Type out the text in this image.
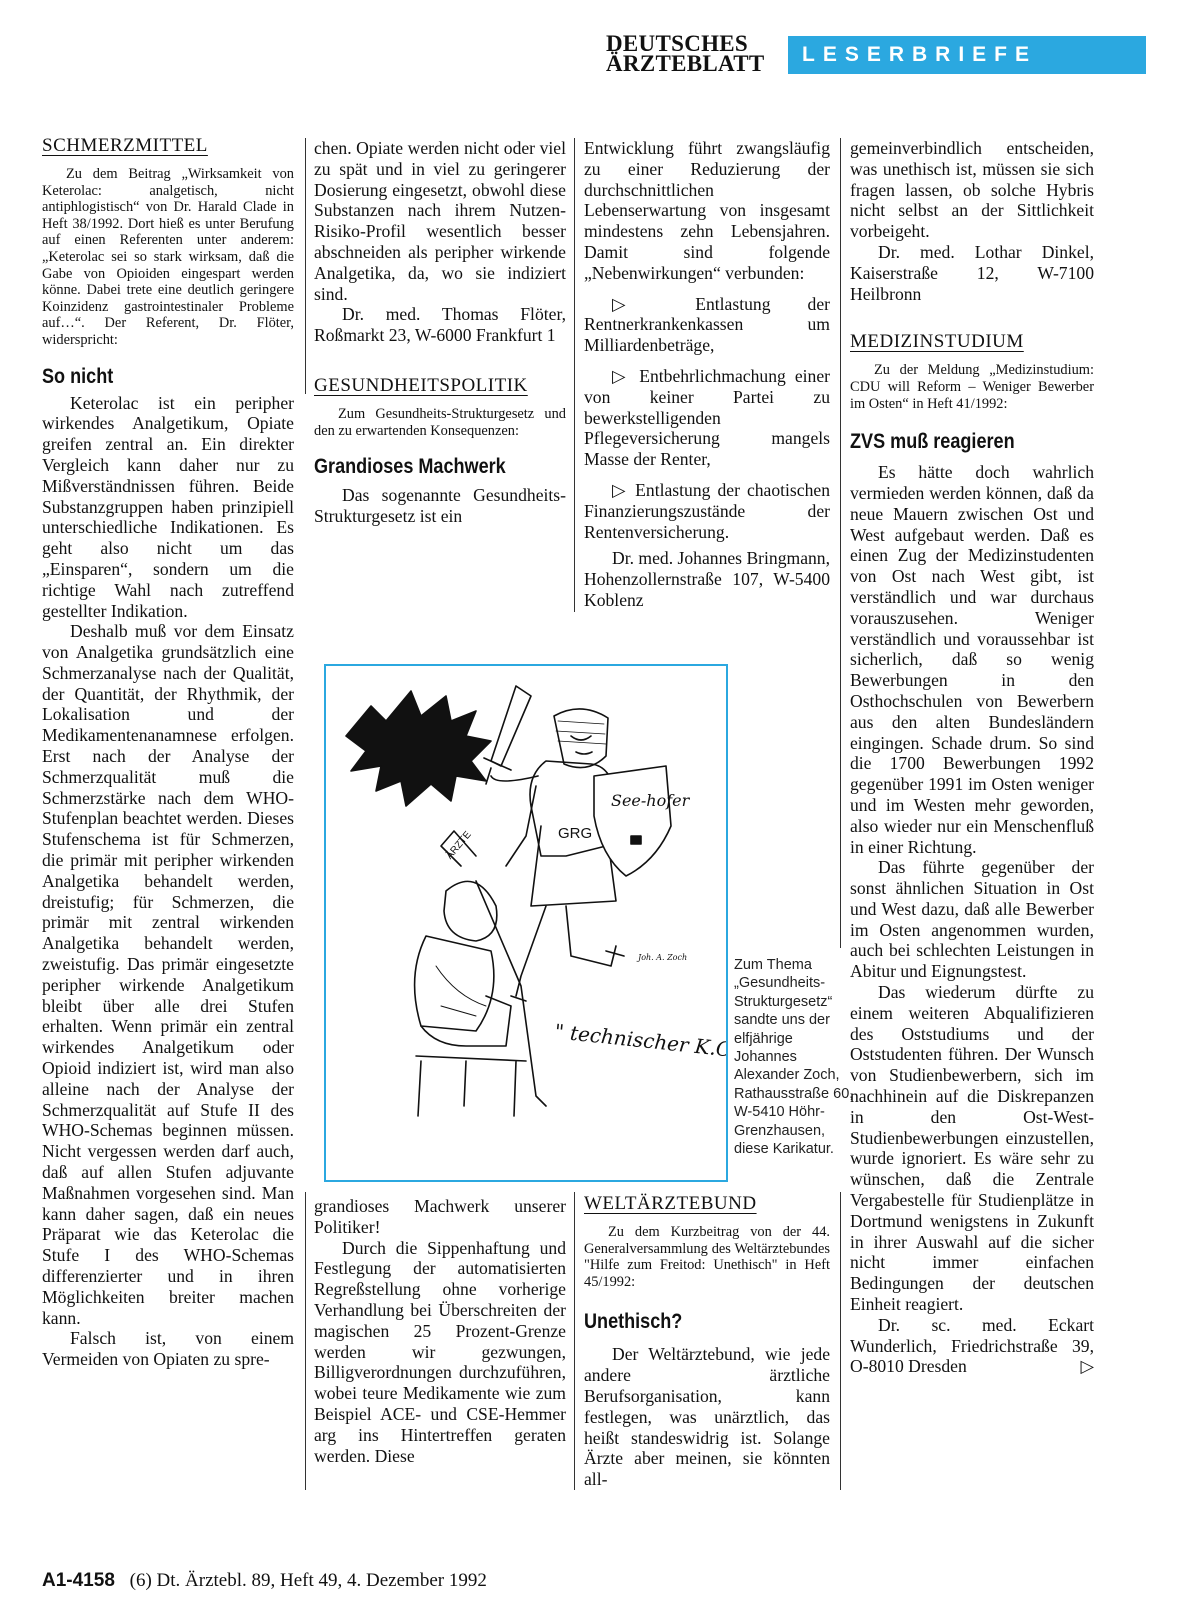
DEUTSCHES
ÄRZTEBLATT	LESERBRIEFE
SCHMERZMITTEL

Zu dem Beitrag „Wirksamkeit von Keterolac: analgetisch, nicht antiphlogistisch“ von Dr. Harald Clade in Heft 38/1992. Dort hieß es unter Berufung auf einen Referenten unter anderem: „Keterolac sei so stark wirksam, daß die Gabe von Opioiden eingespart werden könne. Dabei trete eine deutlich geringere Koinzidenz gastrointestinaler Probleme auf…“. Der Referent, Dr. Flöter, widerspricht:

So nicht

Keterolac ist ein peripher wirkendes Analgetikum, Opiate greifen zentral an. Ein direkter Vergleich kann daher nur zu Mißverständnissen führen. Beide Substanzgruppen haben prinzipiell unterschiedliche Indikationen. Es geht also nicht um das „Einsparen“, sondern um die richtige Wahl nach zutreffend gestellter Indikation.

Deshalb muß vor dem Einsatz von Analgetika grundsätzlich eine Schmerzanalyse nach der Qualität, der Quantität, der Rhythmik, der Lokalisation und der Medikamentenanamnese erfolgen. Erst nach der Analyse der Schmerzqualität muß die Schmerzstärke nach dem WHO-Stufenplan beachtet werden. Dieses Stufenschema ist für Schmerzen, die primär mit peripher wirkenden Analgetika behandelt werden, dreistufig; für Schmerzen, die primär mit zentral wirkenden Analgetika behandelt werden, zweistufig. Das primär eingesetzte peripher wirkende Analgetikum bleibt über alle drei Stufen erhalten. Wenn primär ein zentral wirkendes Analgetikum oder Opioid indiziert ist, wird man also alleine nach der Analyse der Schmerzqualität auf Stufe II des WHO-Schemas beginnen müssen. Nicht vergessen werden darf auch, daß auf allen Stufen adjuvante Maßnahmen vorgesehen sind. Man kann daher sagen, daß ein neues Präparat wie das Keterolac die Stufe I des WHO-Schemas differenzierter und in ihren Möglichkeiten breiter machen kann.

Falsch ist, von einem Vermeiden von Opiaten zu spre-

chen. Opiate werden nicht oder viel zu spät und in viel zu geringerer Dosierung eingesetzt, obwohl diese Substanzen nach ihrem Nutzen-Risiko-Profil wesentlich besser abschneiden als peripher wirkende Analgetika, da, wo sie indiziert sind.

Dr. med. Thomas Flöter, Roßmarkt 23, W-6000 Frankfurt 1

GESUNDHEITSPOLITIK

Zum Gesundheits-Strukturgesetz und den zu erwartenden Konsequenzen:

Grandioses Machwerk

Das sogenannte Gesundheits-Strukturgesetz ist ein

Entwicklung führt zwangsläufig zu einer Reduzierung der durchschnittlichen Lebenserwartung von insgesamt mindestens zehn Lebensjahren. Damit sind folgende „Nebenwirkungen“ verbunden:

▷ Entlastung der Rentnerkrankenkassen um Milliardenbeträge,

▷ Entbehrlichmachung einer von keiner Partei zu bewerkstelligenden Pflegeversicherung mangels Masse der Renter,

▷ Entlastung der chaotischen Finanzierungszustände der Rentenversicherung.

Dr. med. Johannes Bringmann, Hohenzollernstraße 107, W-5400 Koblenz

gemeinverbindlich entscheiden, was unethisch ist, müssen sie sich fragen lassen, ob solche Hybris nicht selbst an der Sittlichkeit vorbeigeht.

Dr. med. Lothar Dinkel, Kaiserstraße 12, W-7100 Heilbronn

MEDIZINSTUDIUM

Zu der Meldung „Medizinstudium: CDU will Reform – Weniger Bewerber im Osten“ in Heft 41/1992:

ZVS muß reagieren

Es hätte doch wahrlich vermieden werden können, daß da neue Mauern zwischen Ost und West aufgebaut werden. Daß es einen Zug der Medizinstudenten von Ost nach West gibt, ist verständlich und war durchaus vorauszusehen. Weniger verständlich und voraussehbar ist sicherlich, daß so wenig Bewerbungen in den Osthochschulen von Bewerbern aus den alten Bundesländern eingingen. Schade drum. So sind die 1700 Bewerbungen 1992 gegenüber 1991 im Osten weniger und im Westen mehr geworden, also wieder nur ein Menschenfluß in einer Richtung.

Das führte gegenüber der sonst ähnlichen Situation in Ost und West dazu, daß alle Bewerber im Osten angenommen wurden, auch bei schlechten Leistungen in Abitur und Eignungstest.

Das wiederum dürfte zu einem weiteren Abqualifizieren des Oststudiums und der Oststudenten führen. Der Wunsch von Studienbewerbern, sich im nachhinein auf die Diskrepanzen in den Ost-West-Studienbewerbungen einzustellen, wurde ignoriert. Es wäre sehr zu wünschen, daß die Zentrale Vergabestelle für Studienplätze in Dortmund wenigstens in Zukunft in ihrer Auswahl auf die sicher nicht immer einfachen Bedingungen der deutschen Einheit reagiert.

Dr. sc. med. Eckart Wunderlich, Friedrichstraße 39, O-8010 Dresden	▷

GRG
See-hofer
ÄRZTE
" technischer K.O.
Joh. A. Zoch	Zum Thema „Gesundheits-Strukturgesetz“ sandte uns der elfjährige Johannes Alexander Zoch, Rathausstraße 60, W-5410 Höhr-Grenzhausen, diese Karikatur.

grandioses Machwerk unserer Politiker!

Durch die Sippenhaftung und Festlegung der automatisierten Regreßstellung ohne vorherige Verhandlung bei Überschreiten der magischen 25 Prozent-Grenze werden wir gezwungen, Billigverordnungen durchzuführen, wobei teure Medikamente wie zum Beispiel ACE- und CSE-Hemmer arg ins Hintertreffen geraten werden. Diese

WELTÄRZTEBUND

Zu dem Kurzbeitrag von der 44. Generalversammlung des Weltärztebundes "Hilfe zum Freitod: Unethisch" in Heft 45/1992:

Unethisch?

Der Weltärztebund, wie jede andere ärztliche Berufsorganisation, kann festlegen, was unärztlich, das heißt standeswidrig ist. Solange Ärzte aber meinen, sie könnten all-

A1-4158 (6) Dt. Ärztebl. 89, Heft 49, 4. Dezember 1992
